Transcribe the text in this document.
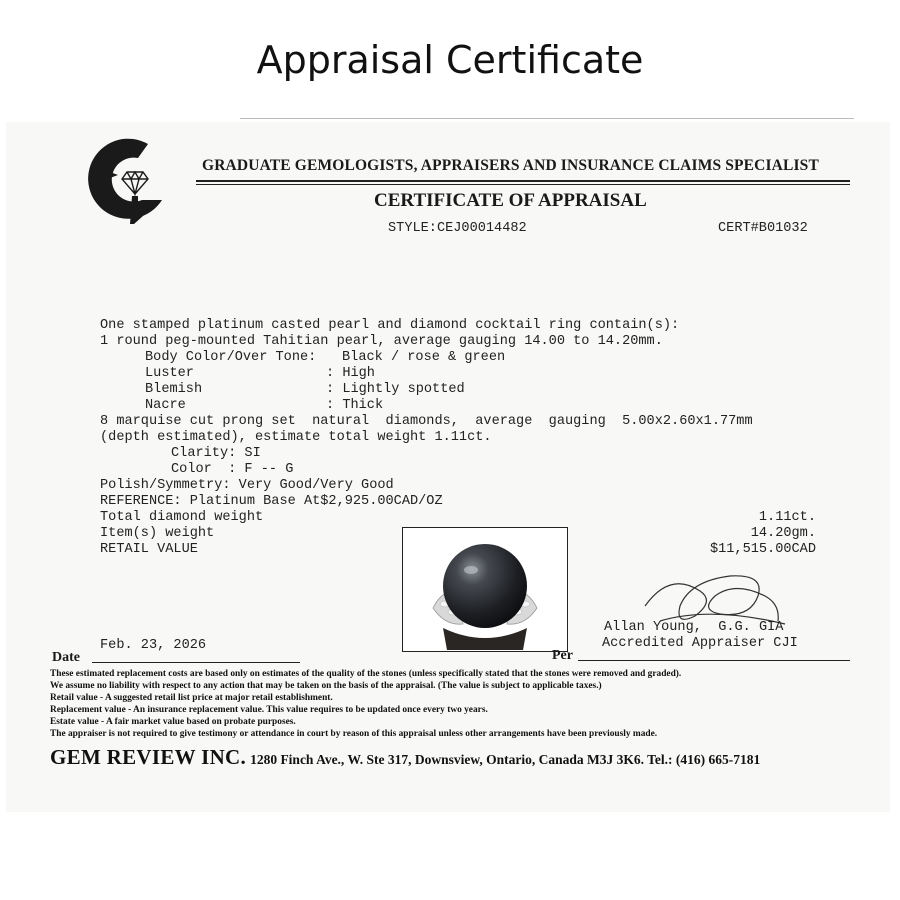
Appraisal Certificate
GRADUATE GEMOLOGISTS, APPRAISERS AND INSURANCE CLAIMS SPECIALIST
CERTIFICATE OF APPRAISAL
STYLE:CEJ00014482	CERT#B01032
One stamped platinum casted pearl and diamond cocktail ring contain(s):
1 round peg-mounted Tahitian pearl, average gauging 14.00 to 14.20mm.
Body Color/Over Tone: Black / rose & green
Luster	: High
Blemish	: Lightly spotted
Nacre	: Thick
8 marquise cut prong set  natural  diamonds,  average  gauging  5.00x2.60x1.77mm
(depth estimated), estimate total weight 1.11ct.
Clarity: SI
Color  : F -- G
Polish/Symmetry: Very Good/Very Good
REFERENCE: Platinum Base At$2,925.00CAD/OZ
Total diamond weight	1.11ct.
Item(s) weight	14.20gm.
RETAIL VALUE	$11,515.00CAD
Allan Young,  G.G. GIA
Accredited Appraiser CJI
Feb. 23, 2026
Date	Per
These estimated replacement costs are based only on estimates of the quality of the stones (unless specifically stated that the stones were removed and graded).
We assume no liability with respect to any action that may be taken on the basis of the appraisal. (The value is subject to applicable taxes.)
Retail value - A suggested retail list price at major retail establishment.
Replacement value - An insurance replacement value. This value requires to be updated once every two years.
Estate value - A fair market value based on probate purposes.
The appraiser is not required to give testimony or attendance in court by reason of this appraisal unless other arrangements have been previously made.
GEM REVIEW INC. 1280 Finch Ave., W. Ste 317, Downsview, Ontario, Canada M3J 3K6. Tel.: (416) 665-7181
